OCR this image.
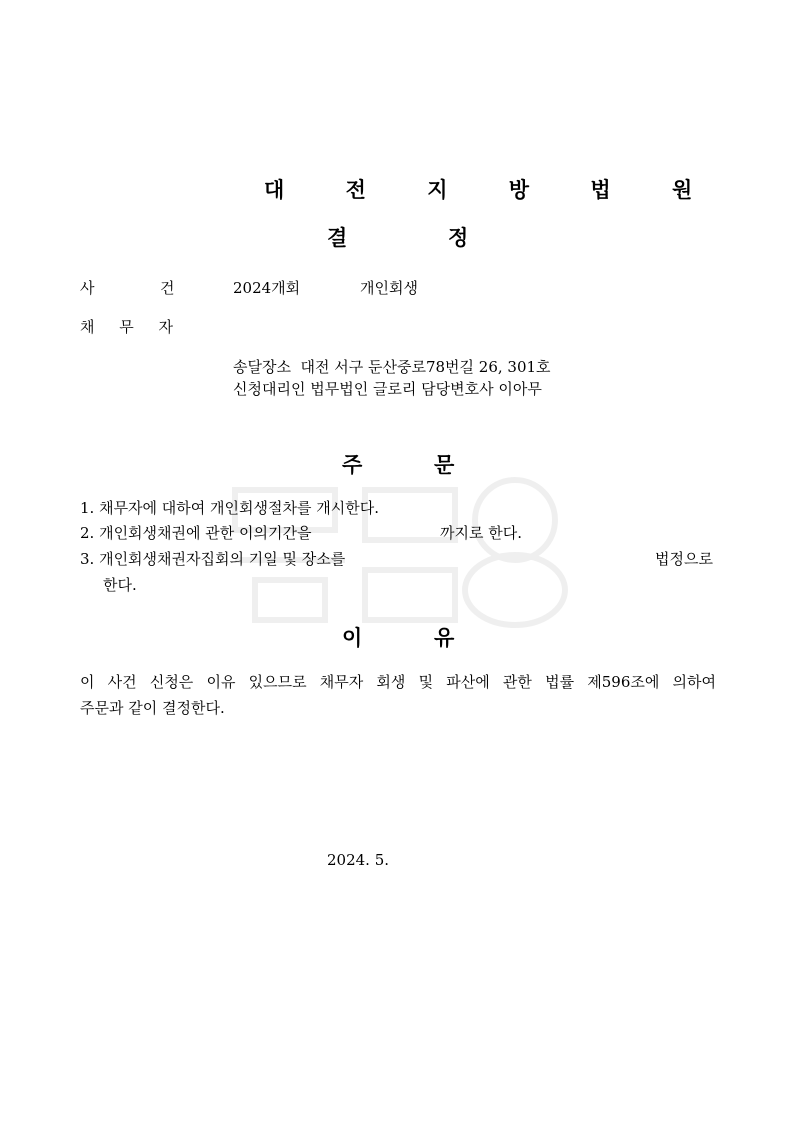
대 전 지 방 법 원
결	정
사	건	2024개회	개인회생
채 무 자
송달장소  대전 서구 둔산중로78번길 26, 301호
신청대리인 법무법인 글로리 담당변호사 이아무
주	문
1. 채무자에 대하여 개인회생절차를 개시한다.
2. 개인회생채권에 관한 이의기간을	까지로 한다.
3. 개인회생채권자집회의 기일 및 장소를	법정으로
한다.
이	유
이 사건 신청은 이유 있으므로 채무자 회생 및 파산에 관한 법률 제596조에 의하여
주문과 같이 결정한다.
2024. 5.
